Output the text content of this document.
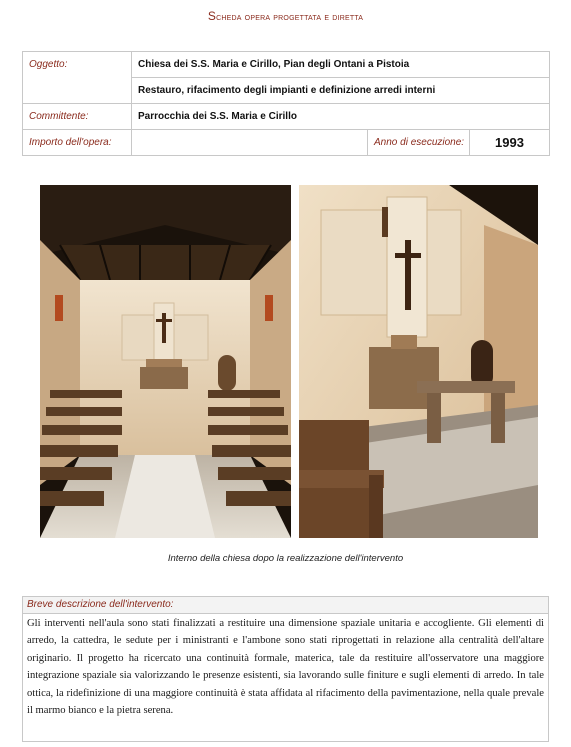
Scheda opera progettata e diretta
Oggetto:	Chiesa dei S.S. Maria e Cirillo, Pian degli Ontani a Pistoia		
	Restauro, rifacimento degli impianti e definizione arredi interni		
Committente:	Parrocchia dei S.S. Maria e Cirillo		
Importo dell'opera:		Anno di esecuzione:	1993
Interno della chiesa dopo la realizzazione dell'intervento
Breve descrizione dell'intervento:
Gli interventi nell'aula sono stati finalizzati a restituire una dimensione spaziale unitaria e accogliente. Gli elementi di arredo, la cattedra, le sedute per i ministranti e l'ambone sono stati riprogettati in relazione alla centralità dell'altare originario. Il progetto ha ricercato una continuità formale, materica, tale da restituire all'osservatore una maggiore integrazione spaziale sia valorizzando le presenze esistenti, sia lavorando sulle finiture e sugli elementi di arredo. In tale ottica, la ridefinizione di una maggiore continuità è stata affidata al rifacimento della pavimentazione, nella quale prevale il marmo bianco e la pietra serena.
